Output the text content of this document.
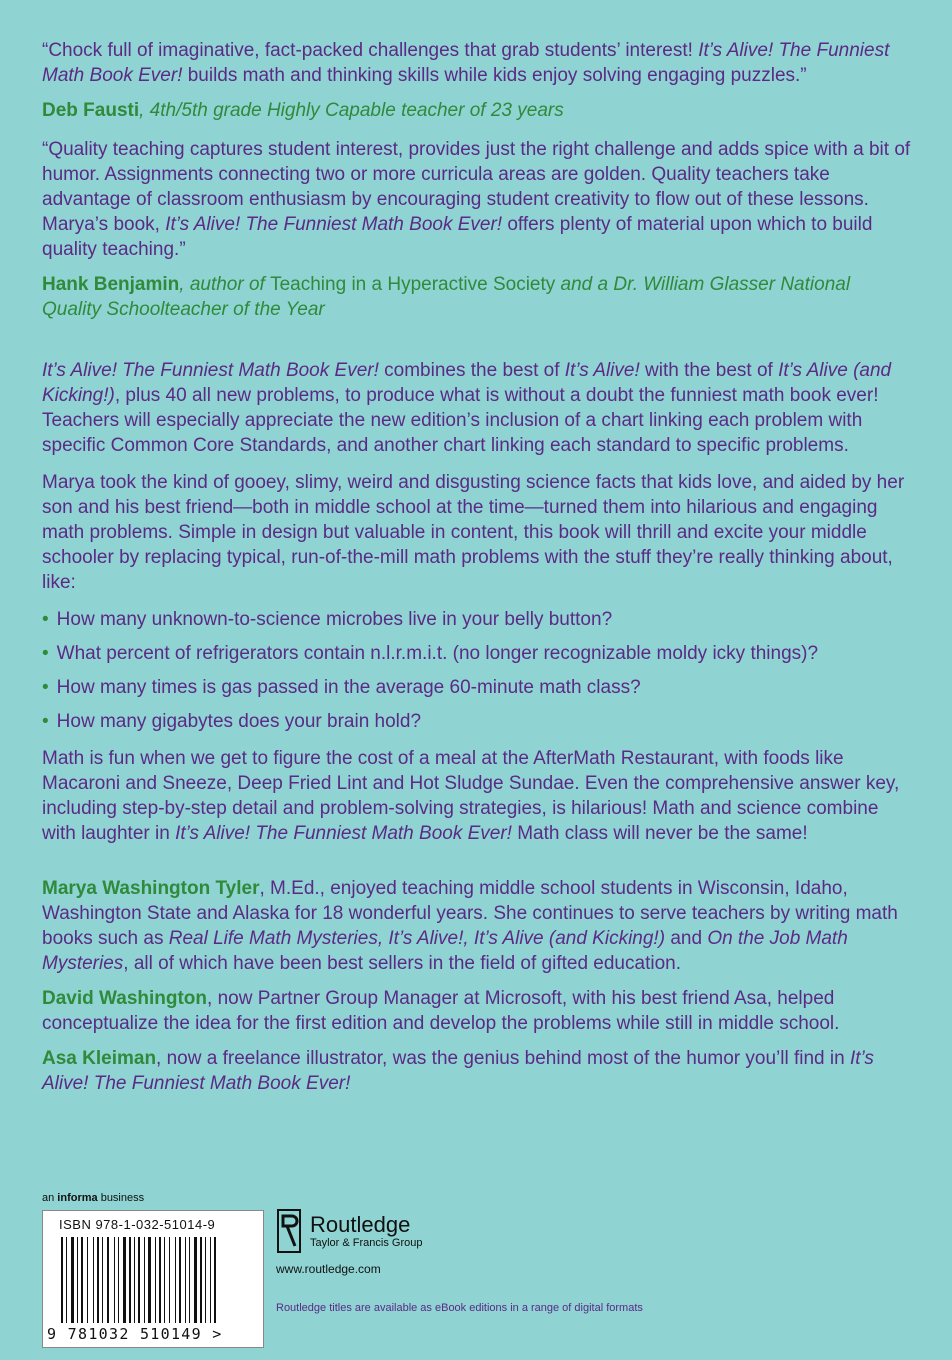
“Chock full of imaginative, fact-packed challenges that grab students’ interest! It’s Alive! The Funniest Math Book Ever! builds math and thinking skills while kids enjoy solving engaging puzzles.”

Deb Fausti, 4th/5th grade Highly Capable teacher of 23 years

“Quality teaching captures student interest, provides just the right challenge and adds spice with a bit of humor. Assignments connecting two or more curricula areas are golden. Quality teachers take advantage of classroom enthusiasm by encouraging student creativity to flow out of these lessons. Marya’s book, It’s Alive! The Funniest Math Book Ever! offers plenty of material upon which to build quality teaching.”

Hank Benjamin, author of Teaching in a Hyperactive Society and a Dr. William Glasser National Quality Schoolteacher of the Year

It’s Alive! The Funniest Math Book Ever! combines the best of It’s Alive! with the best of It’s Alive (and Kicking!), plus 40 all new problems, to produce what is without a doubt the funniest math book ever! Teachers will especially appreciate the new edition’s inclusion of a chart linking each problem with specific Common Core Standards, and another chart linking each standard to specific problems.

Marya took the kind of gooey, slimy, weird and disgusting science facts that kids love, and aided by her son and his best friend—both in middle school at the time—turned them into hilarious and engaging math problems. Simple in design but valuable in content, this book will thrill and excite your middle schooler by replacing typical, run-of-the-mill math problems with the stuff they’re really thinking about, like:

• How many unknown-to-science microbes live in your belly button?
• What percent of refrigerators contain n.l.r.m.i.t. (no longer recognizable moldy icky things)?
• How many times is gas passed in the average 60-minute math class?
• How many gigabytes does your brain hold?

Math is fun when we get to figure the cost of a meal at the AfterMath Restaurant, with foods like Macaroni and Sneeze, Deep Fried Lint and Hot Sludge Sundae. Even the comprehensive answer key, including step-by-step detail and problem-solving strategies, is hilarious! Math and science combine with laughter in It’s Alive! The Funniest Math Book Ever! Math class will never be the same!

Marya Washington Tyler, M.Ed., enjoyed teaching middle school students in Wisconsin, Idaho, Washington State and Alaska for 18 wonderful years. She continues to serve teachers by writing math books such as Real Life Math Mysteries, It’s Alive!, It’s Alive (and Kicking!) and On the Job Math Mysteries, all of which have been best sellers in the field of gifted education.

David Washington, now Partner Group Manager at Microsoft, with his best friend Asa, helped conceptualize the idea for the first edition and develop the problems while still in middle school.

Asa Kleiman, now a freelance illustrator, was the genius behind most of the humor you’ll find in It’s Alive! The Funniest Math Book Ever!

an informa business
ISBN 978-1-032-51014-9
9 781032 510149 >
Routledge
Taylor & Francis Group
www.routledge.com
Routledge titles are available as eBook editions in a range of digital formats
